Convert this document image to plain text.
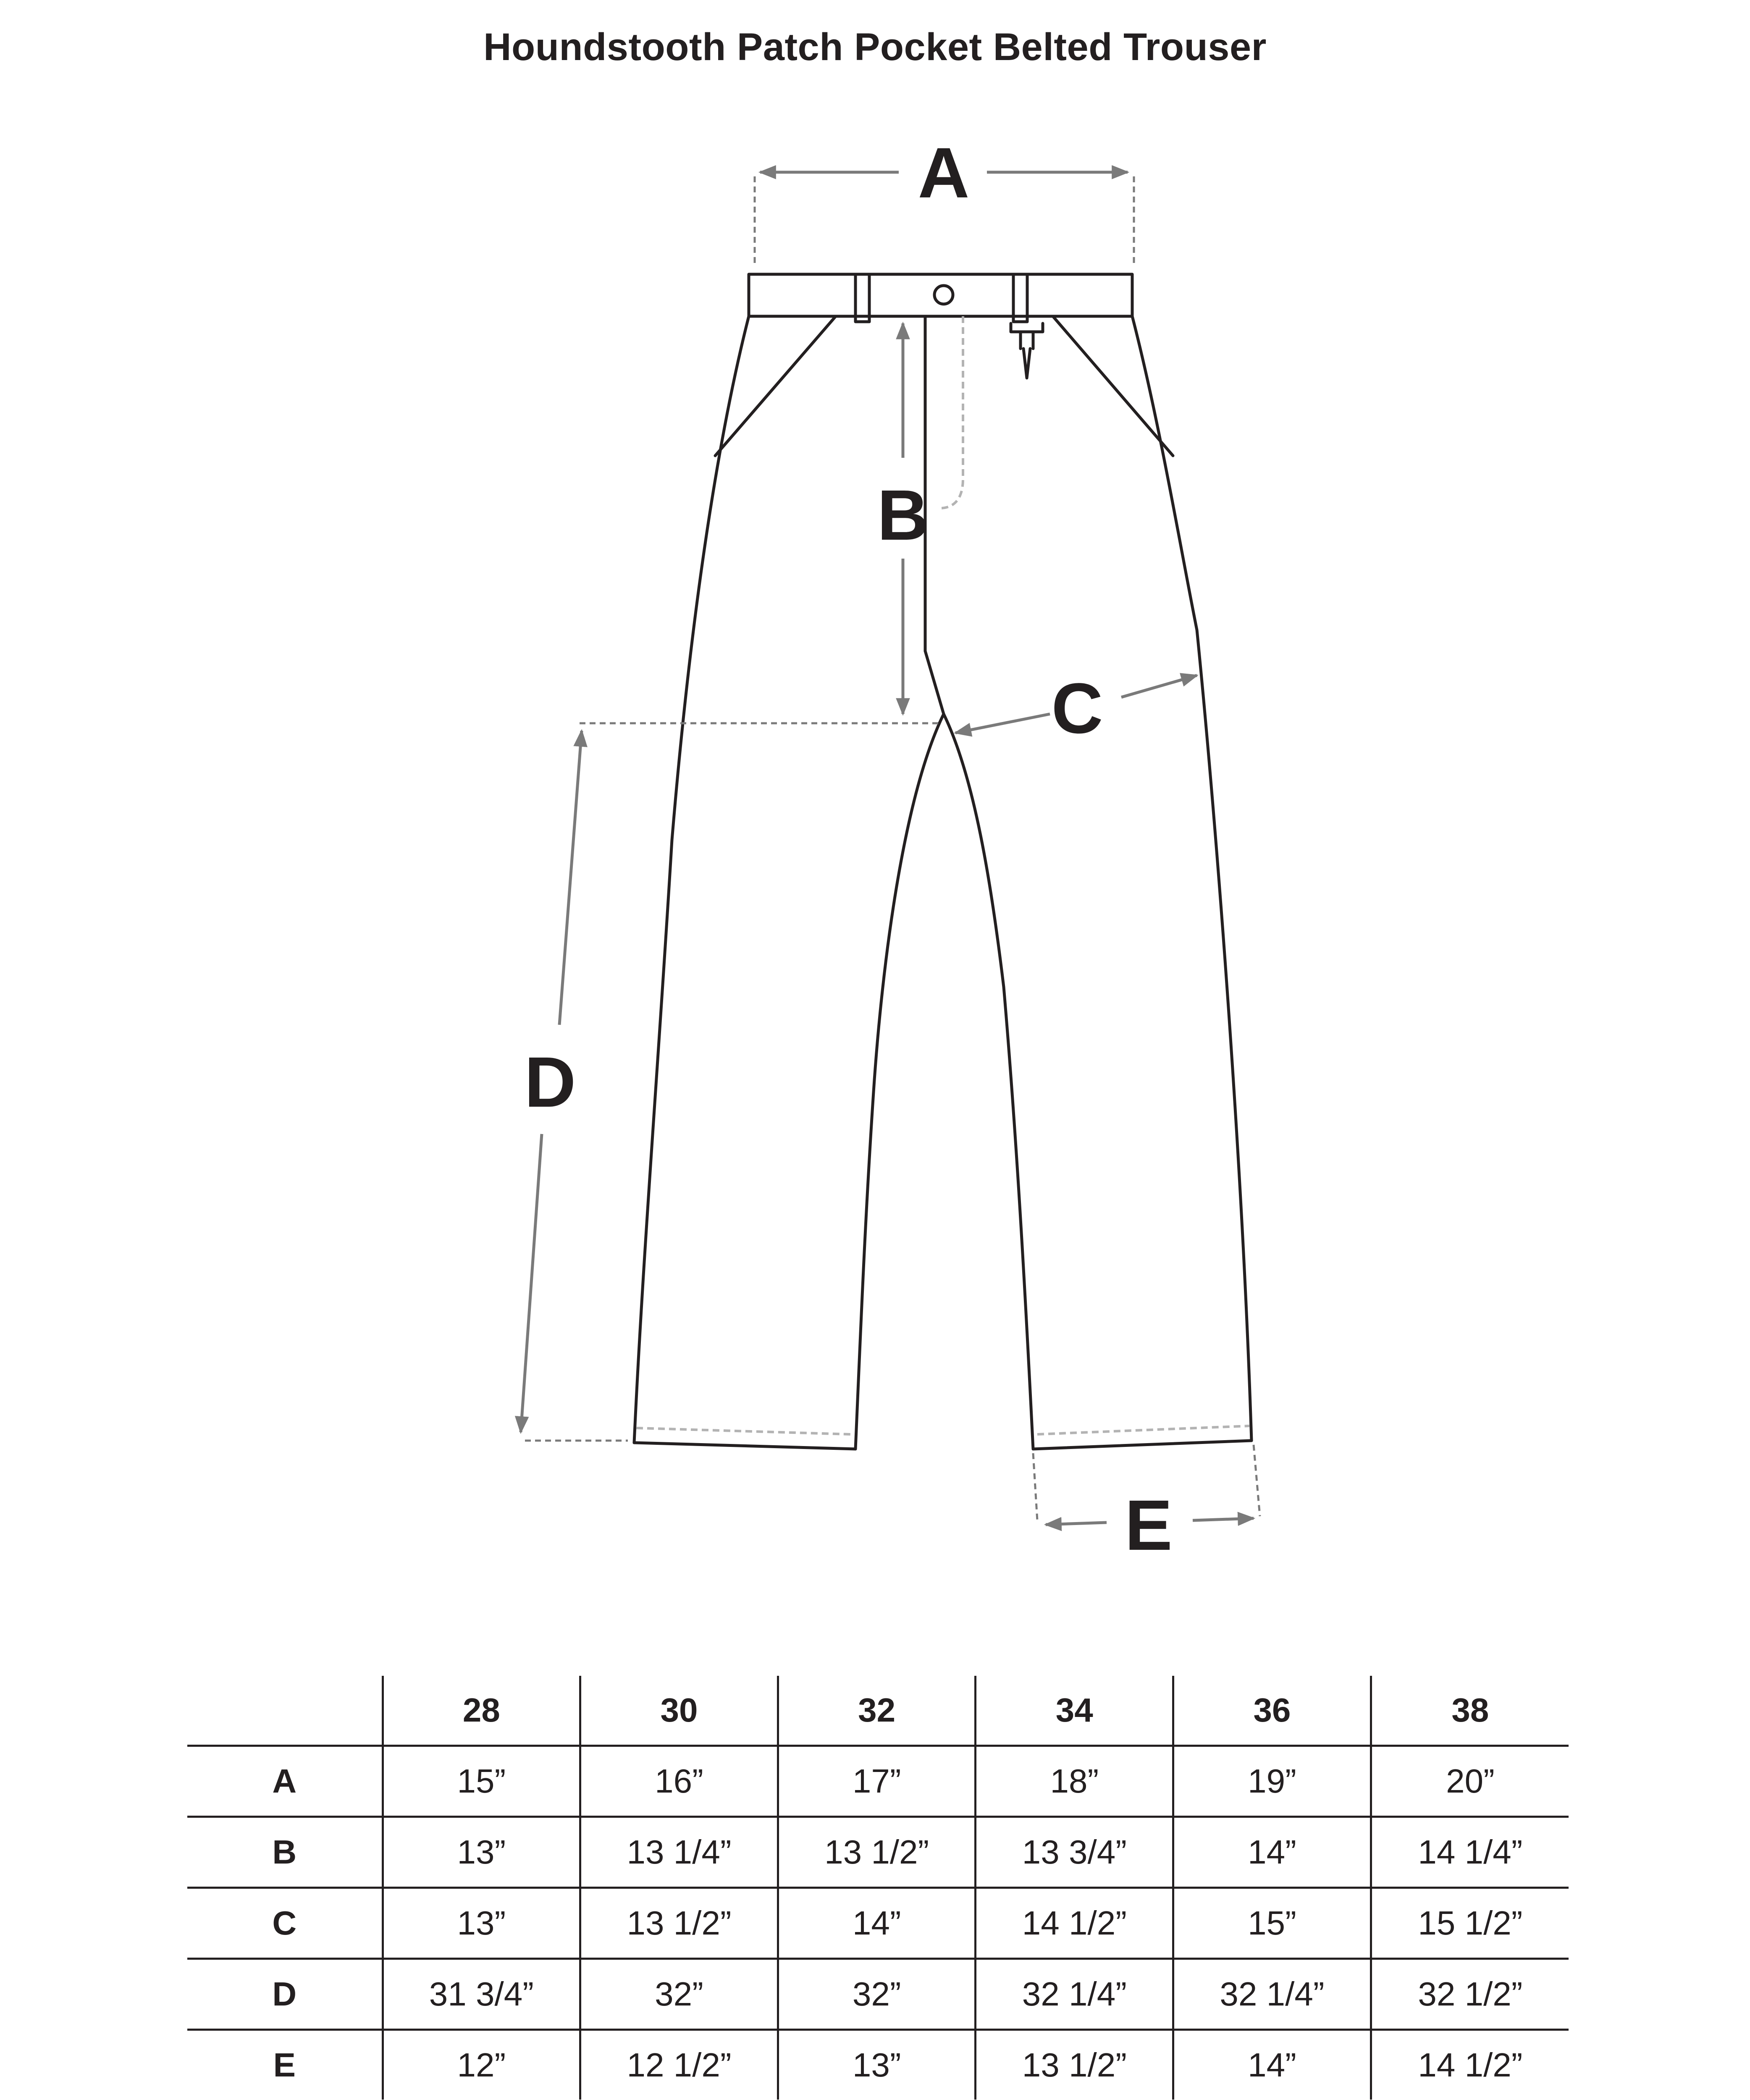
Houndstooth Patch Pocket Belted Trouser
A
B
C
D
E
	28	30	32	34	36	38
A	15”	16”	17”	18”	19”	20”
B	13”	13 1/4”	13 1/2”	13 3/4”	14”	14 1/4”
C	13”	13 1/2”	14”	14 1/2”	15”	15 1/2”
D	31 3/4”	32”	32”	32 1/4”	32 1/4”	32 1/2”
E	12”	12 1/2”	13”	13 1/2”	14”	14 1/2”
